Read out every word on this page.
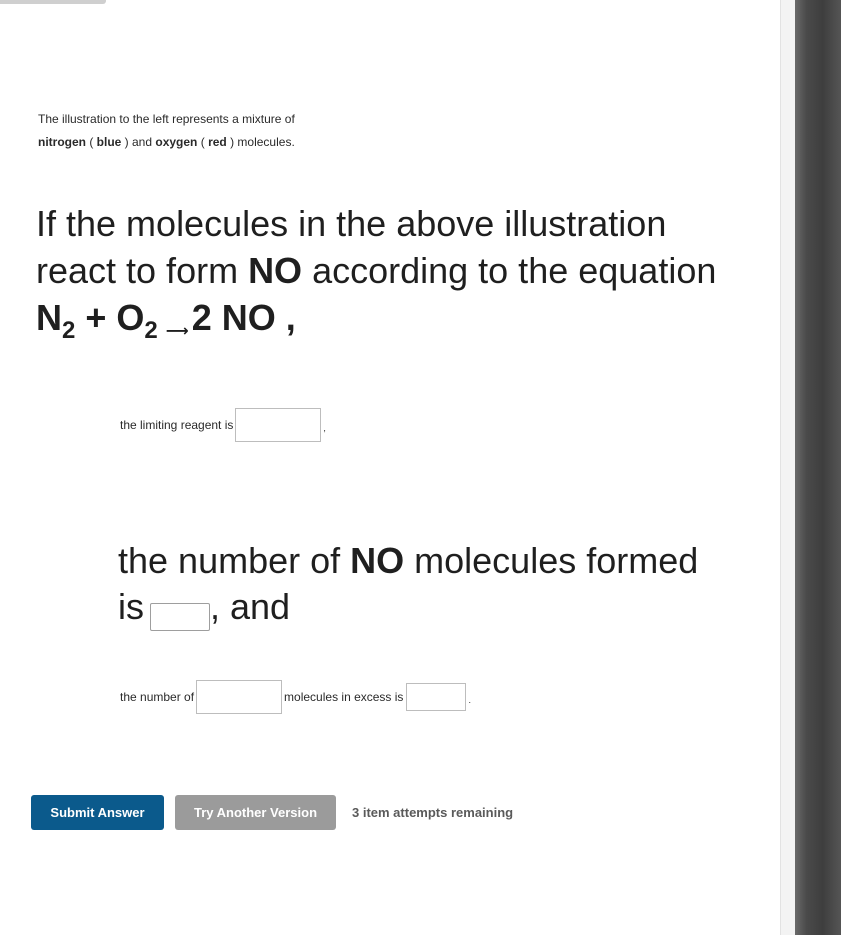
The illustration to the left represents a mixture of
nitrogen ( blue ) and oxygen ( red ) molecules.
If the molecules in the above illustration
react to form NO according to the equation
$N_2 + O_2$ ⟶ 2 NO ,
the limiting reagent is	,
the number of NO molecules formed
is , and
the number of	molecules in excess is	.
Submit Answer	Try Another Version	3 item attempts remaining
